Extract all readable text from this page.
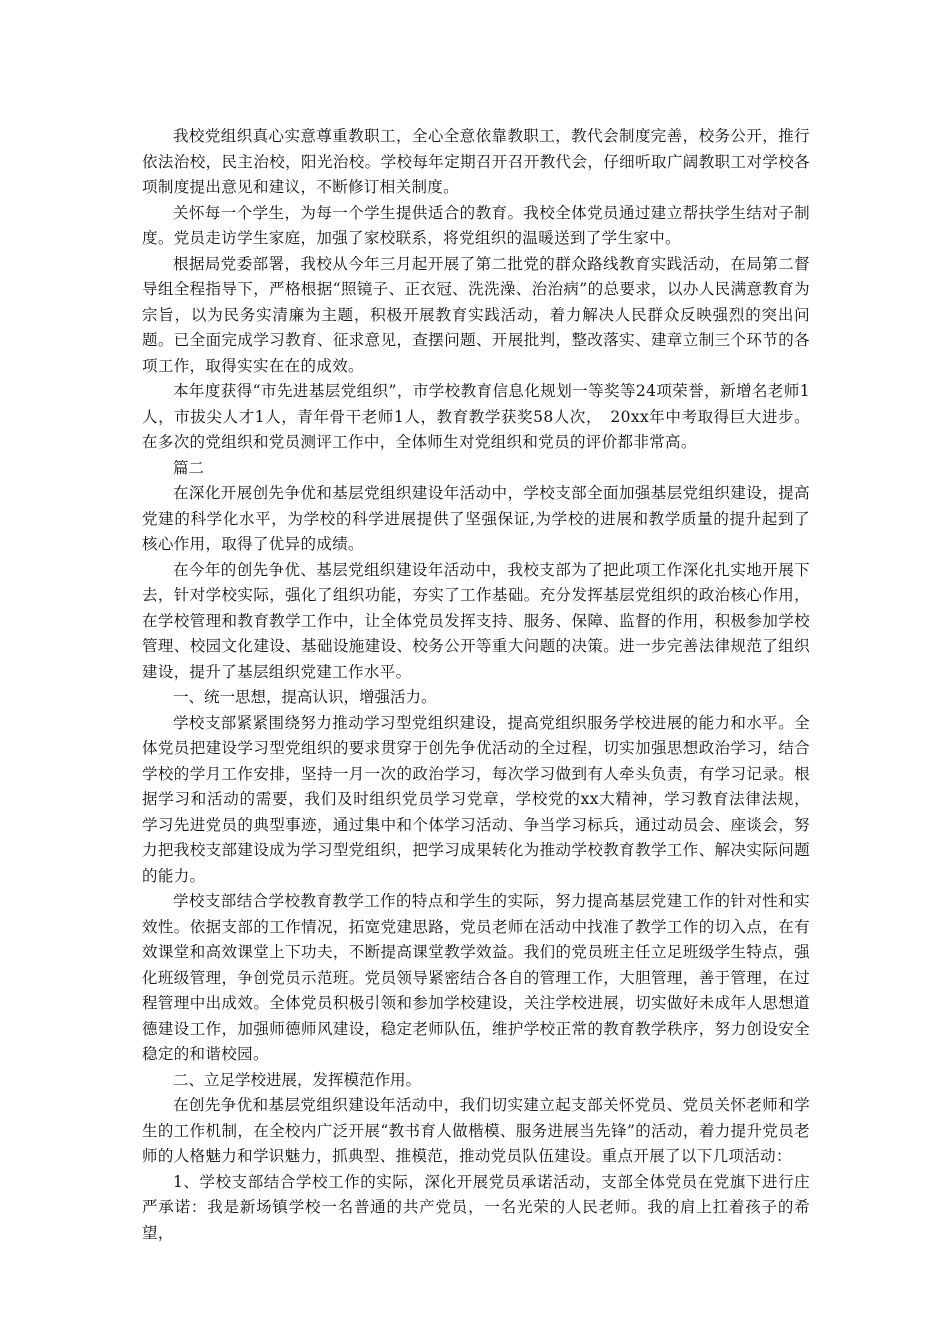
我校党组织真心实意尊重教职工，全心全意依靠教职工，教代会制度完善，校务公开，推行依法治校，民主治校，阳光治校。学校每年定期召开召开教代会，仔细听取广阔教职工对学校各项制度提出意见和建议，不断修订相关制度。

关怀每一个学生，为每一个学生提供适合的教育。我校全体党员通过建立帮扶学生结对子制度。党员走访学生家庭，加强了家校联系，将党组织的温暖送到了学生家中。

根据局党委部署，我校从今年三月起开展了第二批党的群众路线教育实践活动，在局第二督导组全程指导下，严格根据“照镜子、正衣冠、洗洗澡、治治病”的总要求，以办人民满意教育为宗旨，以为民务实清廉为主题，积极开展教育实践活动，着力解决人民群众反映强烈的突出问题。已全面完成学习教育、征求意见，查摆问题、开展批判，整改落实、建章立制三个环节的各项工作，取得实实在在的成效。

本年度获得“市先进基层党组织”，市学校教育信息化规划一等奖等24项荣誉，新增名老师1人，市拔尖人才1人，青年骨干老师1人，教育教学获奖58人次，　20xx年中考取得巨大进步。在多次的党组织和党员测评工作中，全体师生对党组织和党员的评价都非常高。

篇二

在深化开展创先争优和基层党组织建设年活动中，学校支部全面加强基层党组织建设，提高党建的科学化水平，为学校的科学进展提供了坚强保证,为学校的进展和教学质量的提升起到了核心作用，取得了优异的成绩。

在今年的创先争优、基层党组织建设年活动中，我校支部为了把此项工作深化扎实地开展下去，针对学校实际，强化了组织功能，夯实了工作基础。充分发挥基层党组织的政治核心作用，在学校管理和教育教学工作中，让全体党员发挥支持、服务、保障、监督的作用，积极参加学校管理、校园文化建设、基础设施建设、校务公开等重大问题的决策。进一步完善法律规范了组织建设，提升了基层组织党建工作水平。

一、统一思想，提高认识，增强活力。

学校支部紧紧围绕努力推动学习型党组织建设，提高党组织服务学校进展的能力和水平。全体党员把建设学习型党组织的要求贯穿于创先争优活动的全过程，切实加强思想政治学习，结合学校的学月工作安排，坚持一月一次的政治学习，每次学习做到有人牵头负责，有学习记录。根据学习和活动的需要，我们及时组织党员学习党章，学校党的xx大精神，学习教育法律法规，学习先进党员的典型事迹，通过集中和个体学习活动、争当学习标兵，通过动员会、座谈会，努力把我校支部建设成为学习型党组织，把学习成果转化为推动学校教育教学工作、解决实际问题的能力。

学校支部结合学校教育教学工作的特点和学生的实际，努力提高基层党建工作的针对性和实效性。依据支部的工作情况，拓宽党建思路，党员老师在活动中找准了教学工作的切入点，在有效课堂和高效课堂上下功夫，不断提高课堂教学效益。我们的党员班主任立足班级学生特点，强化班级管理，争创党员示范班。党员领导紧密结合各自的管理工作，大胆管理，善于管理，在过程管理中出成效。全体党员积极引领和参加学校建设，关注学校进展，切实做好未成年人思想道德建设工作，加强师德师风建设，稳定老师队伍，维护学校正常的教育教学秩序，努力创设安全稳定的和谐校园。

二、立足学校进展，发挥模范作用。

在创先争优和基层党组织建设年活动中，我们切实建立起支部关怀党员、党员关怀老师和学生的工作机制，在全校内广泛开展“教书育人做楷模、服务进展当先锋”的活动，着力提升党员老师的人格魅力和学识魅力，抓典型、推模范，推动党员队伍建设。重点开展了以下几项活动：

1、学校支部结合学校工作的实际，深化开展党员承诺活动，支部全体党员在党旗下进行庄严承诺：我是新场镇学校一名普通的共产党员，一名光荣的人民老师。我的肩上扛着孩子的希望，
